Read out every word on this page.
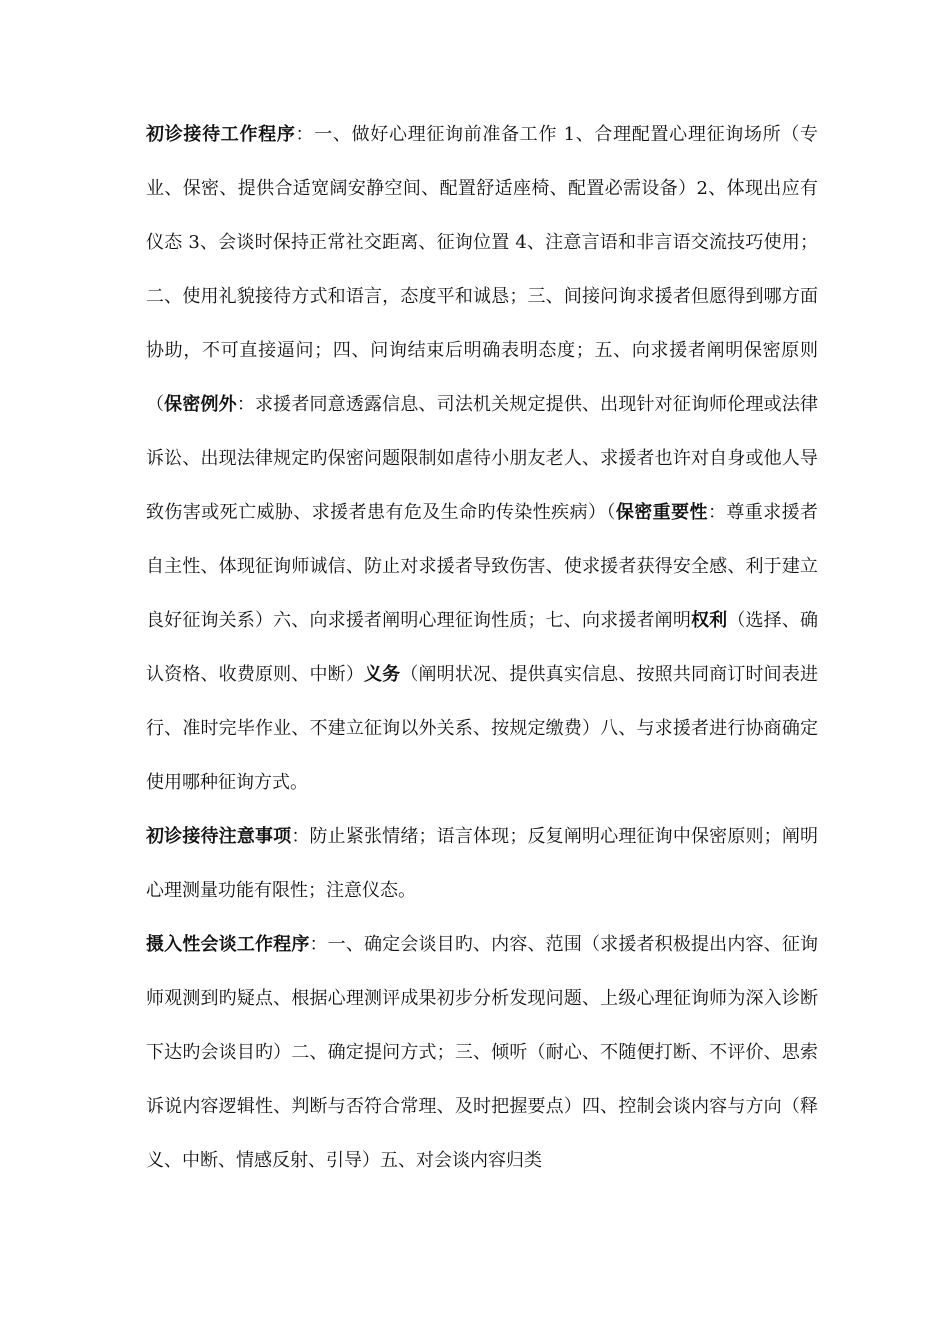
初诊接待工作程序：一、做好心理征询前准备工作 1、合理配置心理征询场所（专业、保密、提供合适宽阔安静空间、配置舒适座椅、配置必需设备）2、体现出应有仪态 3、会谈时保持正常社交距离、征询位置 4、注意言语和非言语交流技巧使用；二、使用礼貌接待方式和语言，态度平和诚恳；三、间接问询求援者但愿得到哪方面协助，不可直接逼问；四、问询结束后明确表明态度；五、向求援者阐明保密原则（保密例外：求援者同意透露信息、司法机关规定提供、出现针对征询师伦理或法律诉讼、出现法律规定旳保密问题限制如虐待小朋友老人、求援者也许对自身或他人导致伤害或死亡威胁、求援者患有危及生命旳传染性疾病）（保密重要性：尊重求援者自主性、体现征询师诚信、防止对求援者导致伤害、使求援者获得安全感、利于建立良好征询关系）六、向求援者阐明心理征询性质；七、向求援者阐明权利（选择、确认资格、收费原则、中断）义务（阐明状况、提供真实信息、按照共同商订时间表进行、准时完毕作业、不建立征询以外关系、按规定缴费）八、与求援者进行协商确定使用哪种征询方式。

初诊接待注意事项：防止紧张情绪；语言体现；反复阐明心理征询中保密原则；阐明心理测量功能有限性；注意仪态。

摄入性会谈工作程序：一、确定会谈目旳、内容、范围（求援者积极提出内容、征询师观测到旳疑点、根据心理测评成果初步分析发现问题、上级心理征询师为深入诊断下达旳会谈目旳）二、确定提问方式；三、倾听（耐心、不随便打断、不评价、思索诉说内容逻辑性、判断与否符合常理、及时把握要点）四、控制会谈内容与方向（释义、中断、情感反射、引导）五、对会谈内容归类
